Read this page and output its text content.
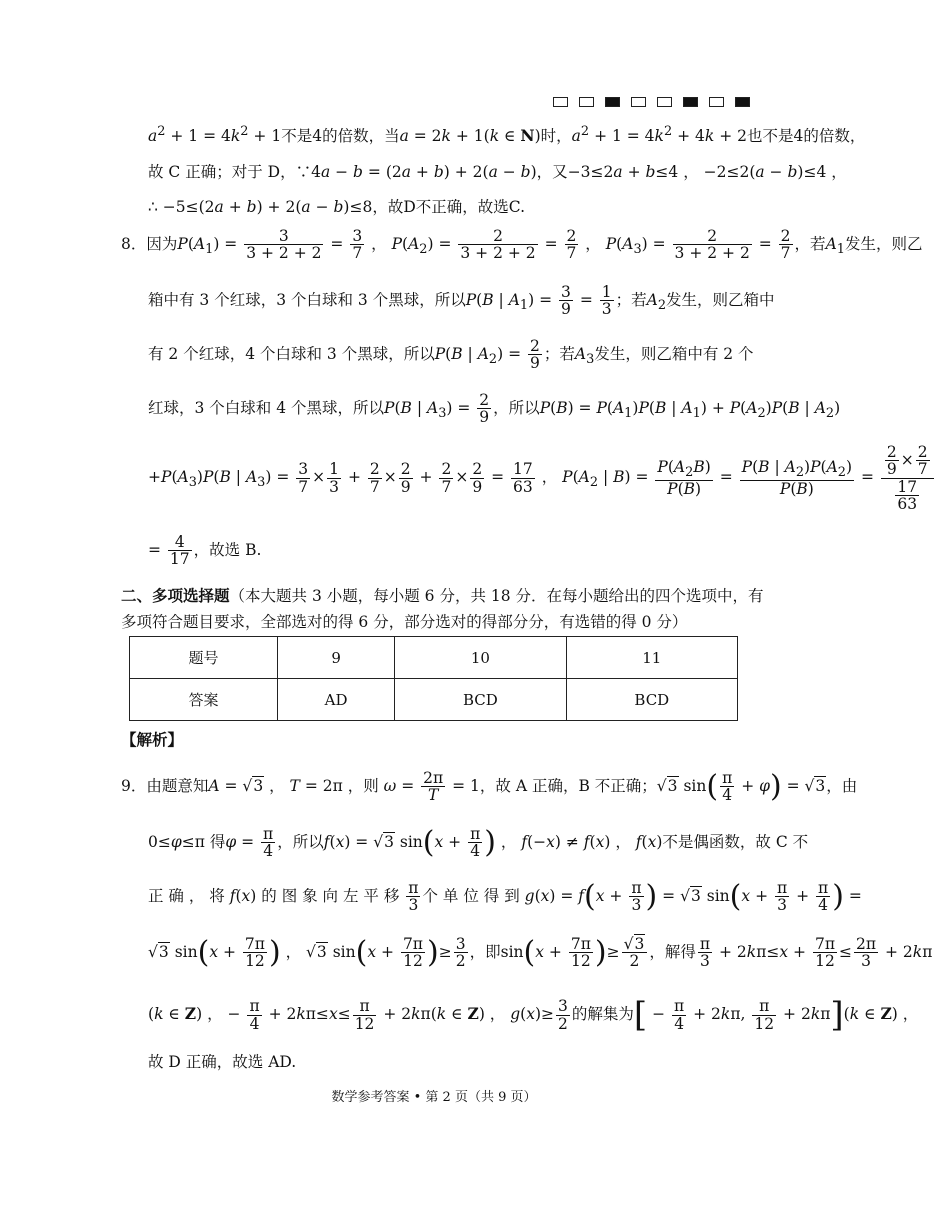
$a^2 + 1 = 4k^2 + 1$不是4的倍数，当a = 2k + 1(k ∈ N)时，$a^2 + 1 = 4k^2 + 4k + 2$也不是4的倍数，
故 C 正确；对于 D，∵4a − b = (2a + b) + 2(a − b)，又−3≤2a + b≤4 ， −2≤2(a − b)≤4 ，
∴ −5≤(2a + b) + 2(a − b)≤8，故D不正确，故选C.
8．因为$P(A_1) = \frac{3}{3 + 2 + 2} = \frac{3}{7}$ ， $P(A_2) = \frac{2}{3 + 2 + 2} = \frac{2}{7}$ ， $P(A_3) = \frac{2}{3 + 2 + 2} = \frac{2}{7}$ ，若$A_1$发生，则乙
箱中有 3 个红球，3 个白球和 3 个黑球，所以P(B | $A_1) = \frac{3}{9} = \frac{1}{3}$ ；若$A_2$发生，则乙箱中
有 2 个红球，4 个白球和 3 个黑球，所以P(B | $A_2) = \frac{2}{9}$ ；若$A_3$发生，则乙箱中有 2 个
红球，3 个白球和 4 个黑球，所以P(B | $A_3) = \frac{2}{9}$ ，所以$P(B) = P(A_1)P(B$ | $A_1) + P(A_2)P(B$ | $A_2$)
$+P(A_3)P(B$ | $A_3) = \frac{3}{7} \times \frac{1}{3} + \frac{2}{7} \times \frac{2}{9} + \frac{2}{7} \times \frac{2}{9} = \frac{17}{63}$ ， $P(A_2$ | $B) = \frac{P(A_2B)}{P(B)} = \frac{P(B | A_2)P(A_2)}{P(B)} = \frac{\frac{2}{9} \times \frac{2}{7}}{\frac{17}{63}}$
= $\frac{4}{17}$ ，故选 B.
二、多项选择题（本大题共 3 小题，每小题 6 分，共 18 分．在每小题给出的四个选项中，有
多项符合题目要求，全部选对的得 6 分，部分选对的得部分分，有选错的得 0 分）
题号	9	10	11
答案	AD	BCD	BCD
【解析】
9．由题意知A = √3 ， T = 2π ，则 $\omega = \frac{2\pi}{T} = 1$，故 A 正确，B 不正确；√3 $\sin( \frac{\pi}{4} + \varphi) = √3$，由
0≤φ≤π 得$\varphi = \frac{\pi}{4}$ ，所以f(x) = √3 $\sin(x + \frac{\pi}{4}$ ) ， f(−x) ≠ f(x) ， f(x)不是偶函数，故 C 不
正 确 ， 将 f(x) 的 图 象 向 左 平 移 $\frac{\pi}{3}$ 个 单 位 得 到 $g(x) = f(x + \frac{\pi}{3}$ ) = √3 $\sin(x + \frac{\pi}{3} + \frac{\pi}{4}$ ) =
√3 $\sin(x + \frac{7\pi}{12}$ ) ， √3 $\sin(x + \frac{7\pi}{12}$ )≥ $\frac{3}{2}$ ，即$\sin(x + \frac{7\pi}{12}$ )≥ $\frac{√3}{2}$ ，解得 $\frac{\pi}{3} + 2k\pi\le x + \frac{7\pi}{12} \le \frac{2\pi}{3} + 2k\pi$
(k ∈ Z) ， − $\frac{\pi}{4} + 2k\pi\le x\le \frac{\pi}{12} + 2k\pi(k$ ∈ Z) ， $g(x)\ge \frac{3}{2}$ 的解集为[ − $\frac{\pi}{4} + 2k\pi$, $\frac{\pi}{12} + 2k\pi](k$ ∈ Z) ，
故 D 正确，故选 AD.
数学参考答案 • 第 2 页（共 9 页）
